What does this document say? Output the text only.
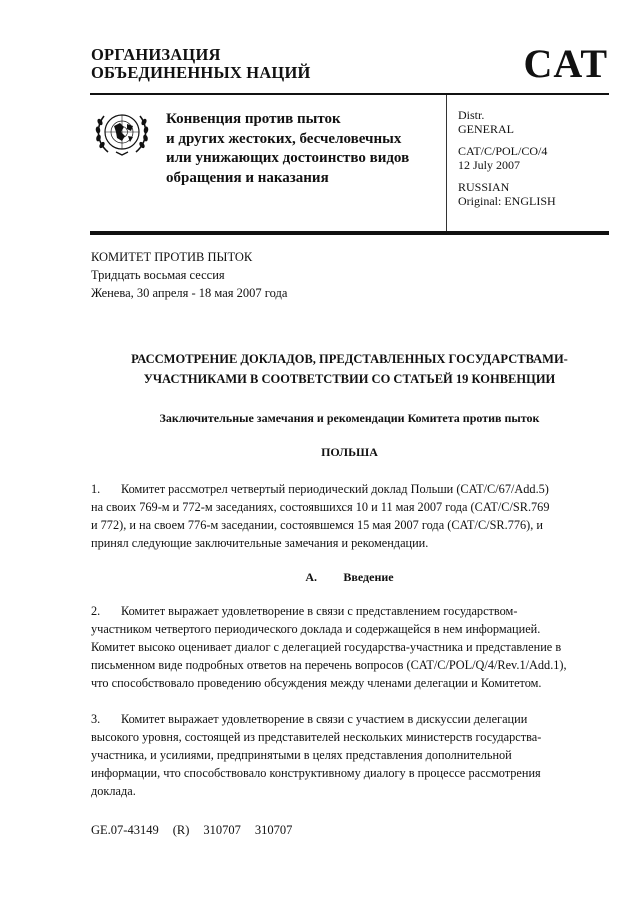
ОРГАНИЗАЦИЯ
ОБЪЕДИНЕННЫХ НАЦИЙ	CAT
Конвенция против пыток
и других жестоких, бесчеловечных
или унижающих достоинство видов
обращения и наказания
Distr.
GENERAL
CAT/C/POL/CO/4
12 July 2007
RUSSIAN
Original: ENGLISH
КОМИТЕТ ПРОТИВ ПЫТОК
Тридцать восьмая сессия
Женева, 30 апреля - 18 мая 2007 года
РАССМОТРЕНИЕ ДОКЛАДОВ, ПРЕДСТАВЛЕННЫХ ГОСУДАРСТВАМИ-
УЧАСТНИКАМИ В СООТВЕТСТВИИ СО СТАТЬЕЙ 19 КОНВЕНЦИИ
Заключительные замечания и рекомендации Комитета против пыток
ПОЛЬША
1. Комитет рассмотрел четвертый периодический доклад Польши (CAT/C/67/Add.5)
на своих 769-м и 772-м заседаниях, состоявшихся 10 и 11 мая 2007 года (CAT/C/SR.769
и 772), и на своем 776-м заседании, состоявшемся 15 мая 2007 года (CAT/C/SR.776), и
принял следующие заключительные замечания и рекомендации.
A. Введение
2. Комитет выражает удовлетворение в связи с представлением государством-
участником четвертого периодического доклада и содержащейся в нем информацией.
Комитет высоко оценивает диалог с делегацией государства-участника и представление в
письменном виде подробных ответов на перечень вопросов (CAT/C/POL/Q/4/Rev.1/Add.1),
что способствовало проведению обсуждения между членами делегации и Комитетом.
3. Комитет выражает удовлетворение в связи с участием в дискуссии делегации
высокого уровня, состоящей из представителей нескольких министерств государства-
участника, и усилиями, предпринятыми в целях представления дополнительной
информации, что способствовало конструктивному диалогу в процессе рассмотрения
доклада.
GE.07-43149 (R) 310707 310707
